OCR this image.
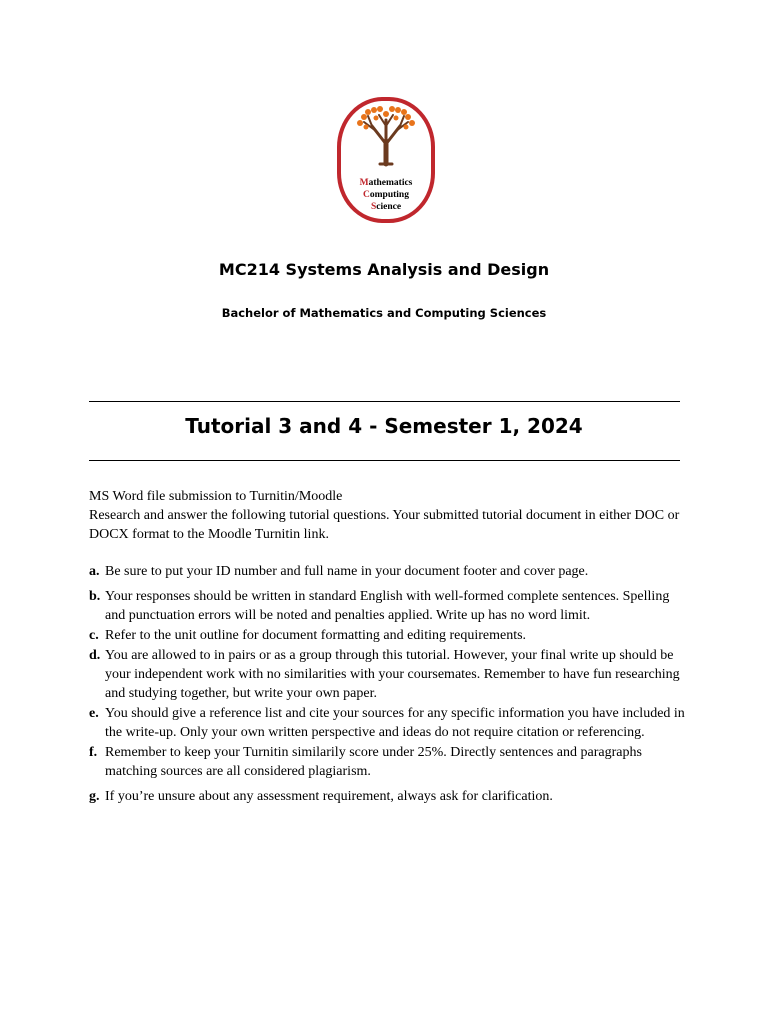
Mathematics
Computing
Science
MC214 Systems Analysis and Design
Bachelor of Mathematics and Computing Sciences
Tutorial 3 and 4 - Semester 1, 2024

MS Word file submission to Turnitin/Moodle

Research and answer the following tutorial questions. Your submitted tutorial document in either DOC or DOCX format to the Moodle Turnitin link.

a. Be sure to put your ID number and full name in your document footer and cover page.
b. Your responses should be written in standard English with well-formed complete sentences. Spelling and punctuation errors will be noted and penalties applied. Write up has no word limit.
c. Refer to the unit outline for document formatting and editing requirements.
d. You are allowed to in pairs or as a group through this tutorial. However, your final write up should be your independent work with no similarities with your coursemates. Remember to have fun researching and studying together, but write your own paper.
e. You should give a reference list and cite your sources for any specific information you have included in the write-up. Only your own written perspective and ideas do not require citation or referencing.
f. Remember to keep your Turnitin similarily score under 25%. Directly sentences and paragraphs matching sources are all considered plagiarism.
g. If you’re unsure about any assessment requirement, always ask for clarification.
